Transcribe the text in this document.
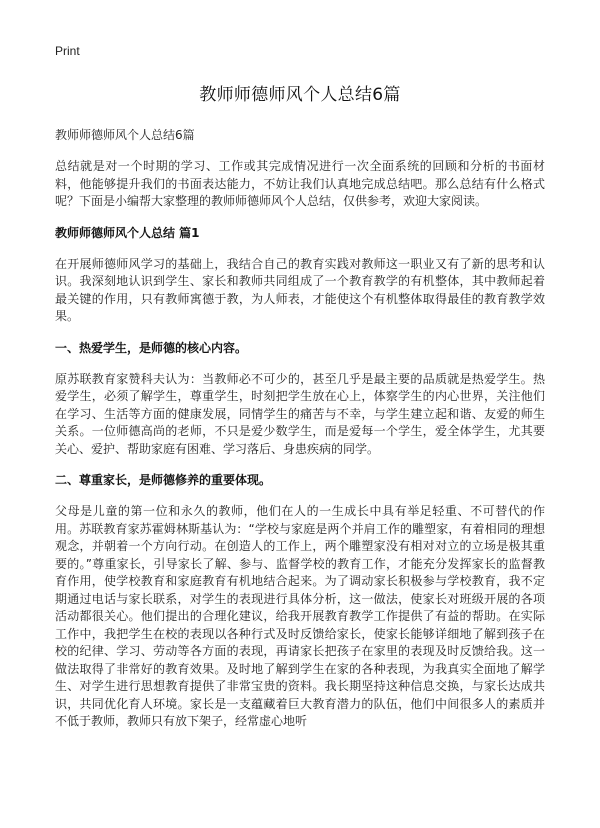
Print
教师师德师风个人总结6篇

教师师德师风个人总结6篇

总结就是对一个时期的学习、工作或其完成情况进行一次全面系统的回顾和分析的书面材料，他能够提升我们的书面表达能力，不妨让我们认真地完成总结吧。那么总结有什么格式呢？下面是小编帮大家整理的教师师德师风个人总结，仅供参考，欢迎大家阅读。

教师师德师风个人总结 篇1

在开展师德师风学习的基础上，我结合自己的教育实践对教师这一职业又有了新的思考和认识。我深刻地认识到学生、家长和教师共同组成了一个教育教学的有机整体，其中教师起着最关键的作用，只有教师寓德于教，为人师表，才能使这个有机整体取得最佳的教育教学效果。

一、热爱学生，是师德的核心内容。

原苏联教育家赞科夫认为：当教师必不可少的，甚至几乎是最主要的品质就是热爱学生。热爱学生，必须了解学生，尊重学生，时刻把学生放在心上，体察学生的内心世界，关注他们在学习、生活等方面的健康发展，同情学生的痛苦与不幸，与学生建立起和谐、友爱的师生关系。一位师德高尚的老师，不只是爱少数学生，而是爱每一个学生，爱全体学生，尤其要关心、爱护、帮助家庭有困难、学习落后、身患疾病的同学。

二、尊重家长，是师德修养的重要体现。

父母是儿童的第一位和永久的教师，他们在人的一生成长中具有举足轻重、不可替代的作用。苏联教育家苏霍姆林斯基认为：“学校与家庭是两个并肩工作的雕塑家，有着相同的理想观念，并朝着一个方向行动。在创造人的工作上，两个雕塑家没有相对对立的立场是极其重要的。”尊重家长，引导家长了解、参与、监督学校的教育工作，才能充分发挥家长的监督教育作用，使学校教育和家庭教育有机地结合起来。为了调动家长积极参与学校教育，我不定期通过电话与家长联系，对学生的表现进行具体分析，这一做法，使家长对班级开展的各项活动都很关心。他们提出的合理化建议，给我开展教育教学工作提供了有益的帮助。在实际工作中，我把学生在校的表现以各种行式及时反馈给家长，使家长能够详细地了解到孩子在校的纪律、学习、劳动等各方面的表现，再请家长把孩子在家里的表现及时反馈给我。这一做法取得了非常好的教育效果。及时地了解到学生在家的各种表现，为我真实全面地了解学生、对学生进行思想教育提供了非常宝贵的资料。我长期坚持这种信息交换，与家长达成共识，共同优化育人环境。家长是一支蕴藏着巨大教育潜力的队伍，他们中间很多人的素质并不低于教师，教师只有放下架子，经常虚心地听
